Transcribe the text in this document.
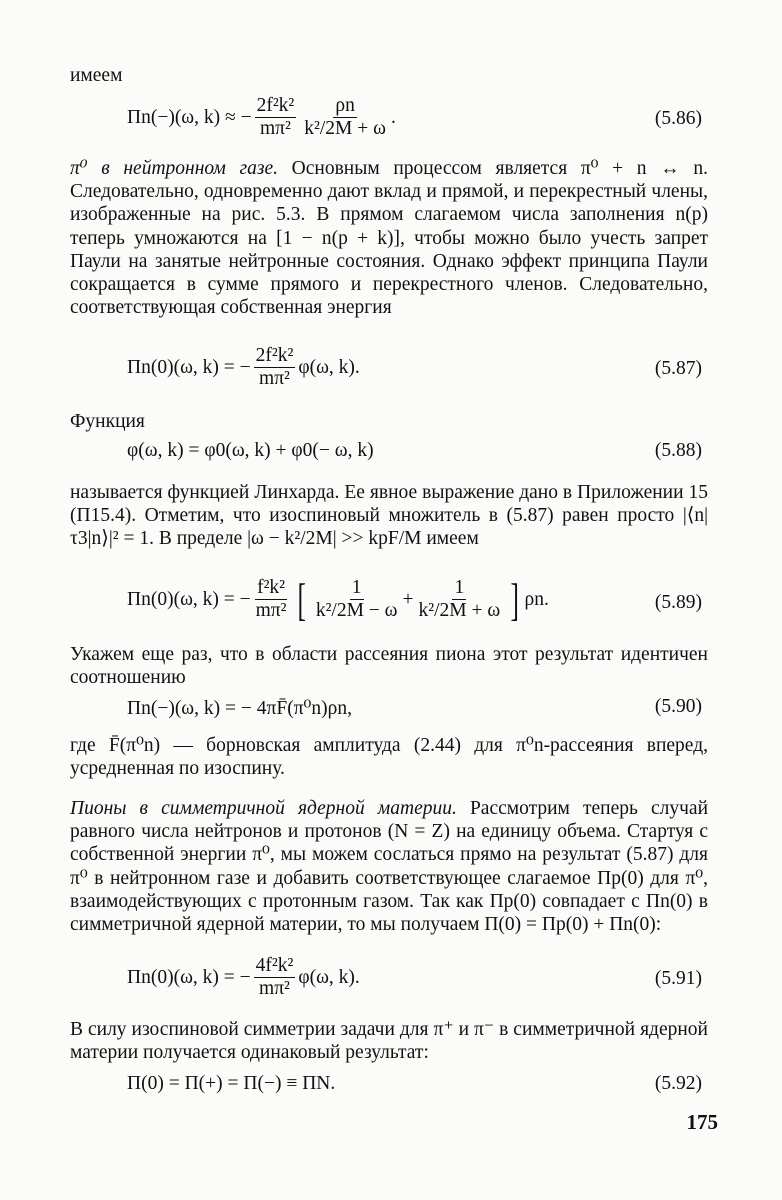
имеем
Πn(−)(ω, k) ≈ − $\frac{\text{2f²k²}}{\text{mπ²}} \frac{\rho n}{\text{k²/2M + ω}}$ .	(5.86)
π⁰ в нейтронном газе. Основным процессом является π⁰ + n ↔ n. Следовательно, одновременно дают вклад и прямой, и перекрестный члены, изображенные на рис. 5.3. В прямом слагаемом числа заполнения n(p) теперь умножаются на [1 − n(p + k)], чтобы можно было учесть запрет Паули на занятые нейтронные состояния. Однако эффект принципа Паули сокращается в сумме прямого и перекрестного членов. Следовательно, соответствующая собственная энергия
Πn(0)(ω, k) = − $\frac{\text{2f²k²}}{\text{mπ²}} \varphi(\omega$, k).	(5.87)
Функция
φ(ω, k) = φ0(ω, k) + φ0(− ω, k)	(5.88)
называется функцией Линхарда. Ее явное выражение дано в Приложении 15 (П15.4). Отметим, что изоспиновый множитель в (5.87) равен просто |⟨n|τ3|n⟩|² = 1. В пределе |ω − k²/2M| >> kpF/M имеем
Πn(0)(ω, k) = − $\frac{\text{f²k²}}{\text{mπ²}}$ [ $\frac{1}{\text{k²/2M − ω}} + \frac{1}{\text{k²/2M + ω}}$ ] ρn.	(5.89)
Укажем еще раз, что в области рассеяния пиона этот результат идентичен соотношению
Πn(−)(ω, k) = − 4πF̄(π⁰n)ρn,	(5.90)
где F̄(π⁰n) — борновская амплитуда (2.44) для π⁰n-рассеяния вперед, усредненная по изоспину.
Пионы в симметричной ядерной материи. Рассмотрим теперь случай равного числа нейтронов и протонов (N = Z) на единицу объема. Стартуя с собственной энергии π⁰, мы можем сослаться прямо на результат (5.87) для π⁰ в нейтронном газе и добавить соответствующее слагаемое Πp(0) для π⁰, взаимодействующих с протонным газом. Так как Πp(0) совпадает с Πn(0) в симметричной ядерной материи, то мы получаем Π(0) = Πp(0) + Πn(0):
Πn(0)(ω, k) = − $\frac{\text{4f²k²}}{\text{mπ²}} \varphi(\omega$, k).	(5.91)
В силу изоспиновой симметрии задачи для π⁺ и π⁻ в симметричной ядерной материи получается одинаковый результат:
Π(0) = Π(+) = Π(−) ≡ ΠN.	(5.92)
175
